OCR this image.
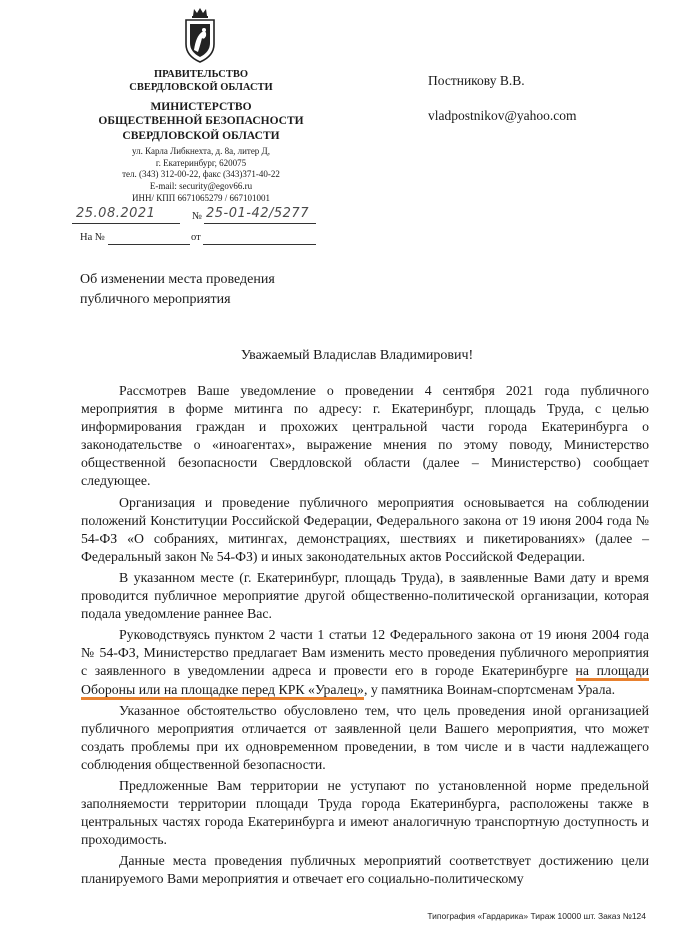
ПРАВИТЕЛЬСТВО
СВЕРДЛОВСКОЙ ОБЛАСТИ
МИНИСТЕРСТВО
ОБЩЕСТВЕННОЙ БЕЗОПАСНОСТИ
СВЕРДЛОВСКОЙ ОБЛАСТИ
ул. Карла Либкнехта, д. 8а, литер Д,
г. Екатеринбург, 620075
тел. (343) 312-00-22, факс (343)371-40-22
E-mail: security@egov66.ru
ИНН/ КПП 6671065279 / 667101001
Постникову В.В.
vladpostnikov@yahoo.com
25.08.2021	№ 25-01-42/5277
На №	от
Об изменении места проведения
публичного мероприятия
Уважаемый Владислав Владимирович!

Рассмотрев Ваше уведомление о проведении 4 сентября 2021 года публичного мероприятия в форме митинга по адресу: г. Екатеринбург, площадь Труда, с целью информирования граждан и прохожих центральной части города Екатеринбурга о законодательстве о «иноагентах», выражение мнения по этому поводу, Министерство общественной безопасности Свердловской области (далее – Министерство) сообщает следующее.

Организация и проведение публичного мероприятия основывается на соблюдении положений Конституции Российской Федерации, Федерального закона от 19 июня 2004 года № 54-ФЗ «О собраниях, митингах, демонстрациях, шествиях и пикетированиях» (далее – Федеральный закон № 54-ФЗ) и иных законодательных актов Российской Федерации.

В указанном месте (г. Екатеринбург, площадь Труда), в заявленные Вами дату и время проводится публичное мероприятие другой общественно-политической организации, которая подала уведомление раннее Вас.

Руководствуясь пунктом 2 части 1 статьи 12 Федерального закона от 19 июня 2004 года № 54-ФЗ, Министерство предлагает Вам изменить место проведения публичного мероприятия с заявленного в уведомлении адреса и провести его в городе Екатеринбурге на площади Обороны или на площадке перед КРК «Уралец», у памятника Воинам-спортсменам Урала.

Указанное обстоятельство обусловлено тем, что цель проведения иной организацией публичного мероприятия отличается от заявленной цели Вашего мероприятия, что может создать проблемы при их одновременном проведении, в том числе и в части надлежащего соблюдения общественной безопасности.

Предложенные Вам территории не уступают по установленной норме предельной заполняемости территории площади Труда города Екатеринбурга, расположены также в центральных частях города Екатеринбурга и имеют аналогичную транспортную доступность и проходимость.

Данные места проведения публичных мероприятий соответствует достижению цели планируемого Вами мероприятия и отвечает его социально-политическому

Типография «Гардарика» Тираж 10000 шт. Заказ №124
